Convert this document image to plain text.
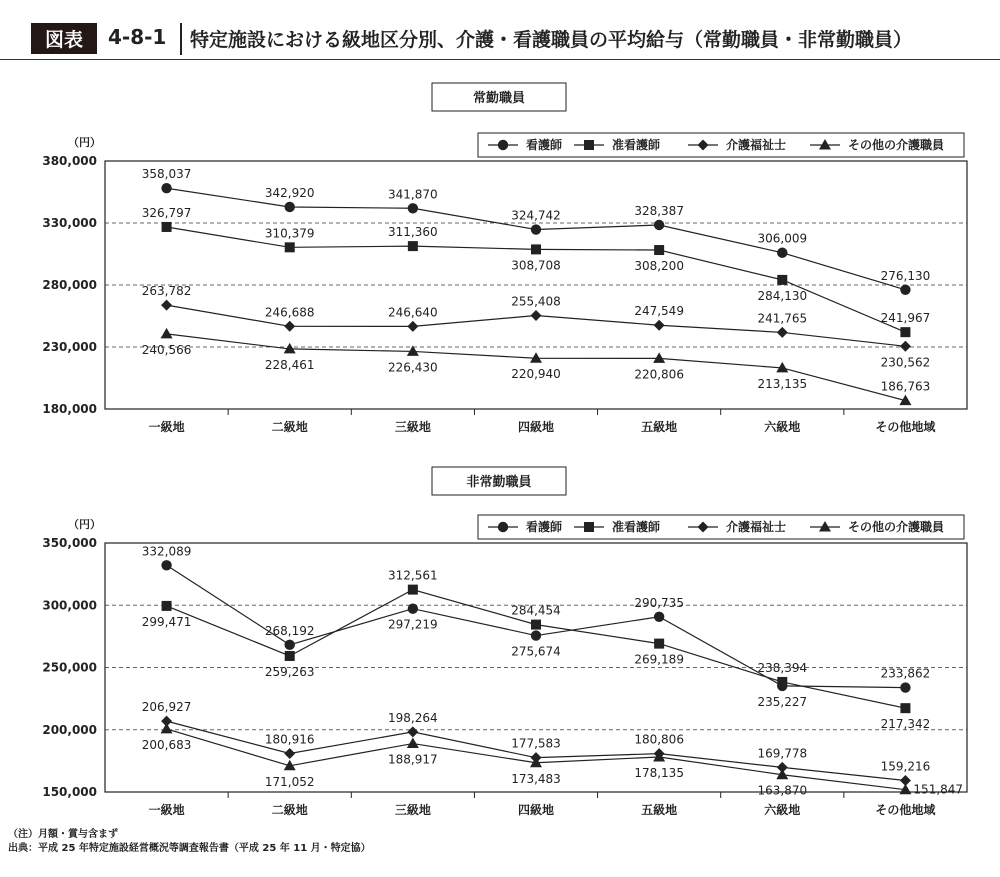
図表	4-8-1 特定施設における級地区分別、介護・看護職員の平均給与（常勤職員・非常勤職員）
常勤職員
（円）
180,000
230,000
280,000
330,000
380,000
一級地	二級地	三級地	四級地	五級地	六級地	その他地域
看護師	准看護師	介護福祉士	その他の介護職員
358,037
342,920	341,870
324,742	328,387
306,009
276,130
326,797
310,379	311,360
308,708	308,200
284,130
241,967
263,782
246,688	246,640
255,408
247,549
241,765
230,562
240,566
228,461	226,430	220,940	220,806
213,135	186,763
非常勤職員
（円）
150,000
200,000
250,000
300,000
350,000
一級地	二級地	三級地	四級地	五級地	六級地	その他地域
看護師	准看護師	介護福祉士	その他の介護職員
332,089
268,192	297,219
275,674
290,735
235,227
233,862
299,471
259,263
312,561
284,454
269,189
238,394
217,342
206,927
180,916
198,264
177,583	180,806
169,778
159,216
200,683
171,052
188,917
173,483	178,135
163,870	151,847
（注）月額・賞与含まず
出典：平成 25 年特定施設経営概況等調査報告書（平成 25 年 11 月・特定協）
